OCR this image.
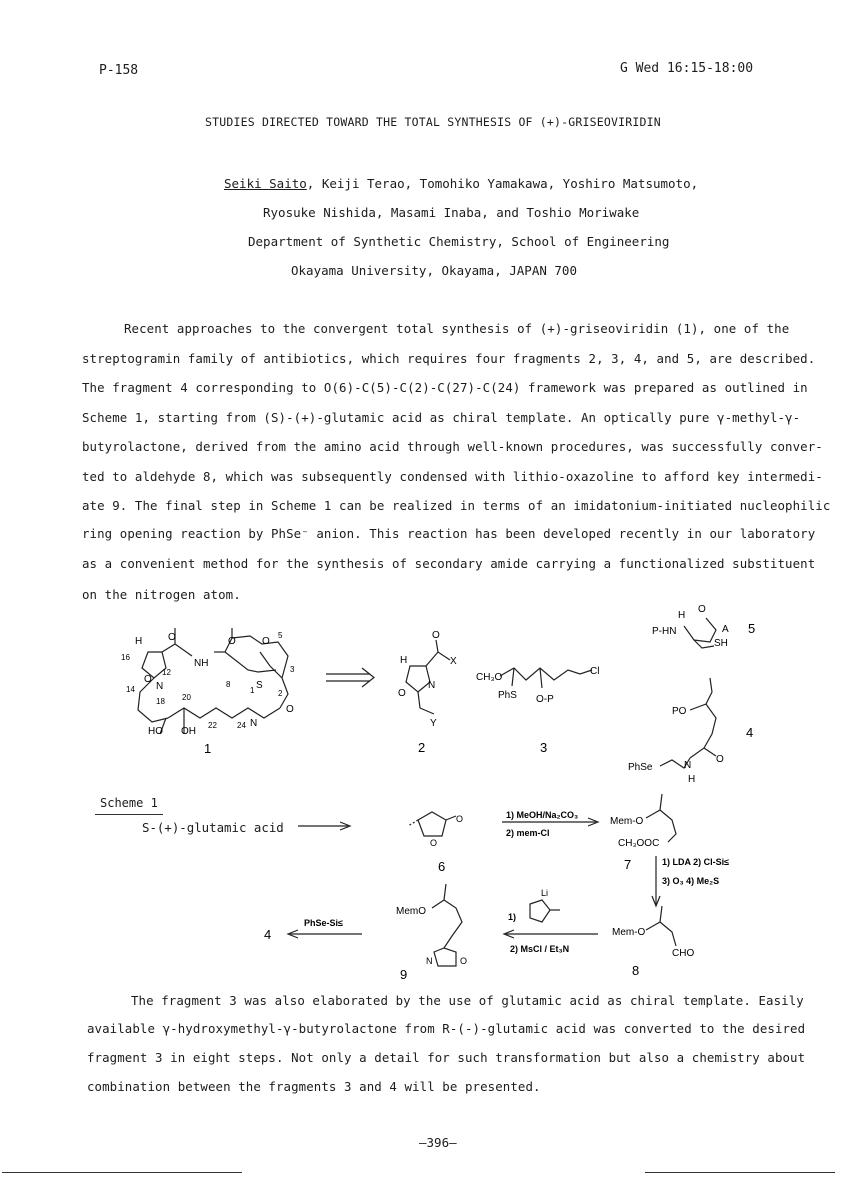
P-158	G Wed 16:15-18:00
STUDIES DIRECTED TOWARD THE TOTAL SYNTHESIS OF (+)-GRISEOVIRIDIN
Seiki Saito, Keiji Terao, Tomohiko Yamakawa, Yoshiro Matsumoto,
Ryosuke Nishida, Masami Inaba, and Toshio Moriwake
Department of Synthetic Chemistry, School of Engineering
Okayama University, Okayama, JAPAN 700
Recent approaches to the convergent total synthesis of (+)-griseoviridin (1), one of the
streptogramin family of antibiotics, which requires four fragments 2, 3, 4, and 5, are described.
The fragment 4 corresponding to O(6)-C(5)-C(2)-C(27)-C(24) framework was prepared as outlined in
Scheme 1, starting from (S)-(+)-glutamic acid as chiral template. An optically pure γ-methyl-γ-
butyrolactone, derived from the amino acid through well-known procedures, was successfully conver-
ted to aldehyde 8, which was subsequently condensed with lithio-oxazoline to afford key intermedi-
ate 9. The final step in Scheme 1 can be realized in terms of an imidatonium-initiated nucleophilic
ring opening reaction by PhSe⁻ anion. This reaction has been developed recently in our laboratory
as a convenient method for the synthesis of secondary amide carrying a functionalized substituent
on the nitrogen atom.
H
16
12
14 N
O
O
NH
O	O
18 20
22	24
8
5
S
1	2
3
N
O
HO OH
1
H
O
X
N
O
Y
2
CH₃O
PhS O-P
Cl
3
P-HN
H
O
A
SH
5
PO
PhSe	N
H
O
4
Scheme 1
S-(+)-glutamic acid
O
O
6
1) MeOH/Na₂CO₃
2) mem-Cl
Mem-O
CH₃OOC
7	1) LDA 2) Cl-Si≤
3) O₃ 4) Me₂S
Mem-O
CHO
8
1)
Li
2) MsCl / Et₃N
MemO
N	O
9
PhSe-Si≤
4
The fragment 3 was also elaborated by the use of glutamic acid as chiral template. Easily
available γ-hydroxymethyl-γ-butyrolactone from R-(-)-glutamic acid was converted to the desired
fragment 3 in eight steps. Not only a detail for such transformation but also a chemistry about
combination between the fragments 3 and 4 will be presented.
—396—
